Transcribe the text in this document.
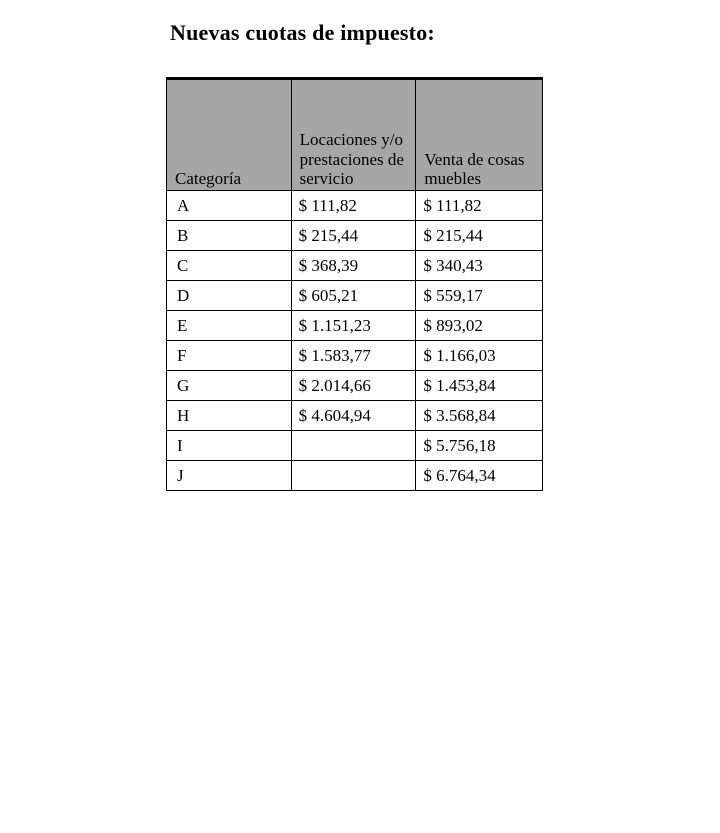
Nuevas cuotas de impuesto:
Categoría	Locaciones y/o prestaciones de servicio	Venta de cosas muebles
A	$ 111,82	$ 111,82
B	$ 215,44	$ 215,44
C	$ 368,39	$ 340,43
D	$ 605,21	$ 559,17
E	$ 1.151,23	$ 893,02
F	$ 1.583,77	$ 1.166,03
G	$ 2.014,66	$ 1.453,84
H	$ 4.604,94	$ 3.568,84
I		$ 5.756,18
J		$ 6.764,34
